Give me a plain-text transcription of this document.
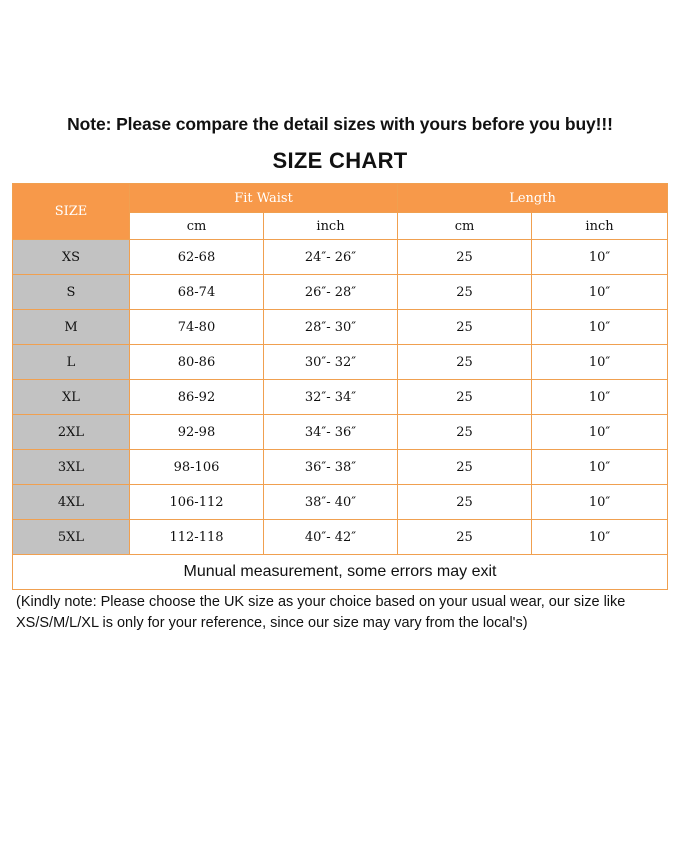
Note: Please compare the detail sizes with yours before you buy!!!
SIZE CHART
SIZE	Fit Waist		Length	
	cm	inch	cm	inch
XS	62-68	24″- 26″	25	10″
S	68-74	26″- 28″	25	10″
M	74-80	28″- 30″	25	10″
L	80-86	30″- 32″	25	10″
XL	86-92	32″- 34″	25	10″
2XL	92-98	34″- 36″	25	10″
3XL	98-106	36″- 38″	25	10″
4XL	106-112	38″- 40″	25	10″
5XL	112-118	40″- 42″	25	10″
Munual measurement, some errors may exit				
(Kindly note: Please choose the UK size as your choice based on your usual wear, our size like XS/S/M/L/XL is only for your reference, since our size may vary from the local's)
